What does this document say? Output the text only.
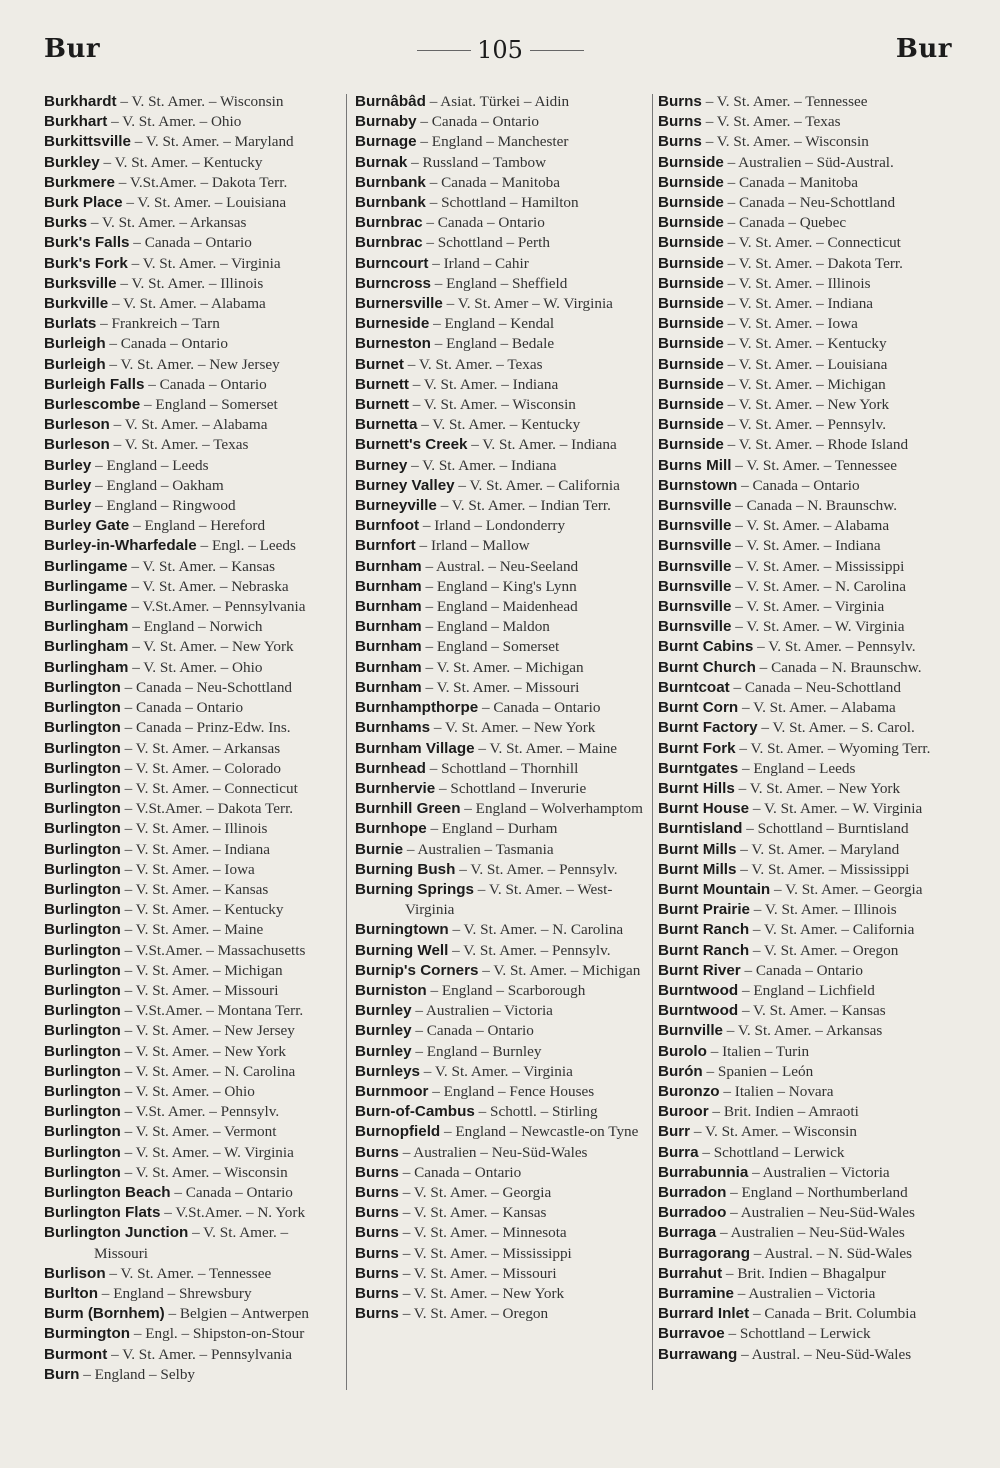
Bur	105	Bur
Burkhardt – V. St. Amer. – Wisconsin
Burkhart – V. St. Amer. – Ohio
Burkittsville – V. St. Amer. – Maryland
Burkley – V. St. Amer. – Kentucky
Burkmere – V.St.Amer. – Dakota Terr.
Burk Place – V. St. Amer. – Louisiana
Burks – V. St. Amer. – Arkansas
Burk's Falls – Canada – Ontario
Burk's Fork – V. St. Amer. – Virginia
Burksville – V. St. Amer. – Illinois
Burkville – V. St. Amer. – Alabama
Burlats – Frankreich – Tarn
Burleigh – Canada – Ontario
Burleigh – V. St. Amer. – New Jersey
Burleigh Falls – Canada – Ontario
Burlescombe – England – Somerset
Burleson – V. St. Amer. – Alabama
Burleson – V. St. Amer. – Texas
Burley – England – Leeds
Burley – England – Oakham
Burley – England – Ringwood
Burley Gate – England – Hereford
Burley-in-Wharfedale – Engl. – Leeds
Burlingame – V. St. Amer. – Kansas
Burlingame – V. St. Amer. – Nebraska
Burlingame – V.St.Amer. – Pennsylvania
Burlingham – England – Norwich
Burlingham – V. St. Amer. – New York
Burlingham – V. St. Amer. – Ohio
Burlington – Canada – Neu-Schottland
Burlington – Canada – Ontario
Burlington – Canada – Prinz-Edw. Ins.
Burlington – V. St. Amer. – Arkansas
Burlington – V. St. Amer. – Colorado
Burlington – V. St. Amer. – Connecticut
Burlington – V.St.Amer. – Dakota Terr.
Burlington – V. St. Amer. – Illinois
Burlington – V. St. Amer. – Indiana
Burlington – V. St. Amer. – Iowa
Burlington – V. St. Amer. – Kansas
Burlington – V. St. Amer. – Kentucky
Burlington – V. St. Amer. – Maine
Burlington – V.St.Amer. – Massachusetts
Burlington – V. St. Amer. – Michigan
Burlington – V. St. Amer. – Missouri
Burlington – V.St.Amer. – Montana Terr.
Burlington – V. St. Amer. – New Jersey
Burlington – V. St. Amer. – New York
Burlington – V. St. Amer. – N. Carolina
Burlington – V. St. Amer. – Ohio
Burlington – V.St. Amer. – Pennsylv.
Burlington – V. St. Amer. – Vermont
Burlington – V. St. Amer. – W. Virginia
Burlington – V. St. Amer. – Wisconsin
Burlington Beach – Canada – Ontario
Burlington Flats – V.St.Amer. – N. York
Burlington Junction – V. St. Amer. – Missouri
Burlison – V. St. Amer. – Tennessee
Burlton – England – Shrewsbury
Burm (Bornhem) – Belgien – Antwerpen
Burmington – Engl. – Shipston-on-Stour
Burmont – V. St. Amer. – Pennsylvania
Burn – England – Selby
Burnâbâd – Asiat. Türkei – Aidin
Burnaby – Canada – Ontario
Burnage – England – Manchester
Burnak – Russland – Tambow
Burnbank – Canada – Manitoba
Burnbank – Schottland – Hamilton
Burnbrac – Canada – Ontario
Burnbrac – Schottland – Perth
Burncourt – Irland – Cahir
Burncross – England – Sheffield
Burnersville – V. St. Amer – W. Virginia
Burneside – England – Kendal
Burneston – England – Bedale
Burnet – V. St. Amer. – Texas
Burnett – V. St. Amer. – Indiana
Burnett – V. St. Amer. – Wisconsin
Burnetta – V. St. Amer. – Kentucky
Burnett's Creek – V. St. Amer. – Indiana
Burney – V. St. Amer. – Indiana
Burney Valley – V. St. Amer. – California
Burneyville – V. St. Amer. – Indian Terr.
Burnfoot – Irland – Londonderry
Burnfort – Irland – Mallow
Burnham – Austral. – Neu-Seeland
Burnham – England – King's Lynn
Burnham – England – Maidenhead
Burnham – England – Maldon
Burnham – England – Somerset
Burnham – V. St. Amer. – Michigan
Burnham – V. St. Amer. – Missouri
Burnhampthorpe – Canada – Ontario
Burnhams – V. St. Amer. – New York
Burnham Village – V. St. Amer. – Maine
Burnhead – Schottland – Thornhill
Burnhervie – Schottland – Inverurie
Burnhill Green – England – Wolverhamptom
Burnhope – England – Durham
Burnie – Australien – Tasmania
Burning Bush – V. St. Amer. – Pennsylv.
Burning Springs – V. St. Amer. – West-Virginia
Burningtown – V. St. Amer. – N. Carolina
Burning Well – V. St. Amer. – Pennsylv.
Burnip's Corners – V. St. Amer. – Michigan
Burniston – England – Scarborough
Burnley – Australien – Victoria
Burnley – Canada – Ontario
Burnley – England – Burnley
Burnleys – V. St. Amer. – Virginia
Burnmoor – England – Fence Houses
Burn-of-Cambus – Schottl. – Stirling
Burnopfield – England – Newcastle-on Tyne
Burns – Australien – Neu-Süd-Wales
Burns – Canada – Ontario
Burns – V. St. Amer. – Georgia
Burns – V. St. Amer. – Kansas
Burns – V. St. Amer. – Minnesota
Burns – V. St. Amer. – Mississippi
Burns – V. St. Amer. – Missouri
Burns – V. St. Amer. – New York
Burns – V. St. Amer. – Oregon
Burns – V. St. Amer. – Tennessee
Burns – V. St. Amer. – Texas
Burns – V. St. Amer. – Wisconsin
Burnside – Australien – Süd-Austral.
Burnside – Canada – Manitoba
Burnside – Canada – Neu-Schottland
Burnside – Canada – Quebec
Burnside – V. St. Amer. – Connecticut
Burnside – V. St. Amer. – Dakota Terr.
Burnside – V. St. Amer. – Illinois
Burnside – V. St. Amer. – Indiana
Burnside – V. St. Amer. – Iowa
Burnside – V. St. Amer. – Kentucky
Burnside – V. St. Amer. – Louisiana
Burnside – V. St. Amer. – Michigan
Burnside – V. St. Amer. – New York
Burnside – V. St. Amer. – Pennsylv.
Burnside – V. St. Amer. – Rhode Island
Burns Mill – V. St. Amer. – Tennessee
Burnstown – Canada – Ontario
Burnsville – Canada – N. Braunschw.
Burnsville – V. St. Amer. – Alabama
Burnsville – V. St. Amer. – Indiana
Burnsville – V. St. Amer. – Mississippi
Burnsville – V. St. Amer. – N. Carolina
Burnsville – V. St. Amer. – Virginia
Burnsville – V. St. Amer. – W. Virginia
Burnt Cabins – V. St. Amer. – Pennsylv.
Burnt Church – Canada – N. Braunschw.
Burntcoat – Canada – Neu-Schottland
Burnt Corn – V. St. Amer. – Alabama
Burnt Factory – V. St. Amer. – S. Carol.
Burnt Fork – V. St. Amer. – Wyoming Terr.
Burntgates – England – Leeds
Burnt Hills – V. St. Amer. – New York
Burnt House – V. St. Amer. – W. Virginia
Burntisland – Schottland – Burntisland
Burnt Mills – V. St. Amer. – Maryland
Burnt Mills – V. St. Amer. – Mississippi
Burnt Mountain – V. St. Amer. – Georgia
Burnt Prairie – V. St. Amer. – Illinois
Burnt Ranch – V. St. Amer. – California
Burnt Ranch – V. St. Amer. – Oregon
Burnt River – Canada – Ontario
Burntwood – England – Lichfield
Burntwood – V. St. Amer. – Kansas
Burnville – V. St. Amer. – Arkansas
Burolo – Italien – Turin
Burón – Spanien – León
Buronzo – Italien – Novara
Buroor – Brit. Indien – Amraoti
Burr – V. St. Amer. – Wisconsin
Burra – Schottland – Lerwick
Burrabunnia – Australien – Victoria
Burradon – England – Northumberland
Burradoo – Australien – Neu-Süd-Wales
Burraga – Australien – Neu-Süd-Wales
Burragorang – Austral. – N. Süd-Wales
Burrahut – Brit. Indien – Bhagalpur
Burramine – Australien – Victoria
Burrard Inlet – Canada – Brit. Columbia
Burravoe – Schottland – Lerwick
Burrawang – Austral. – Neu-Süd-Wales
